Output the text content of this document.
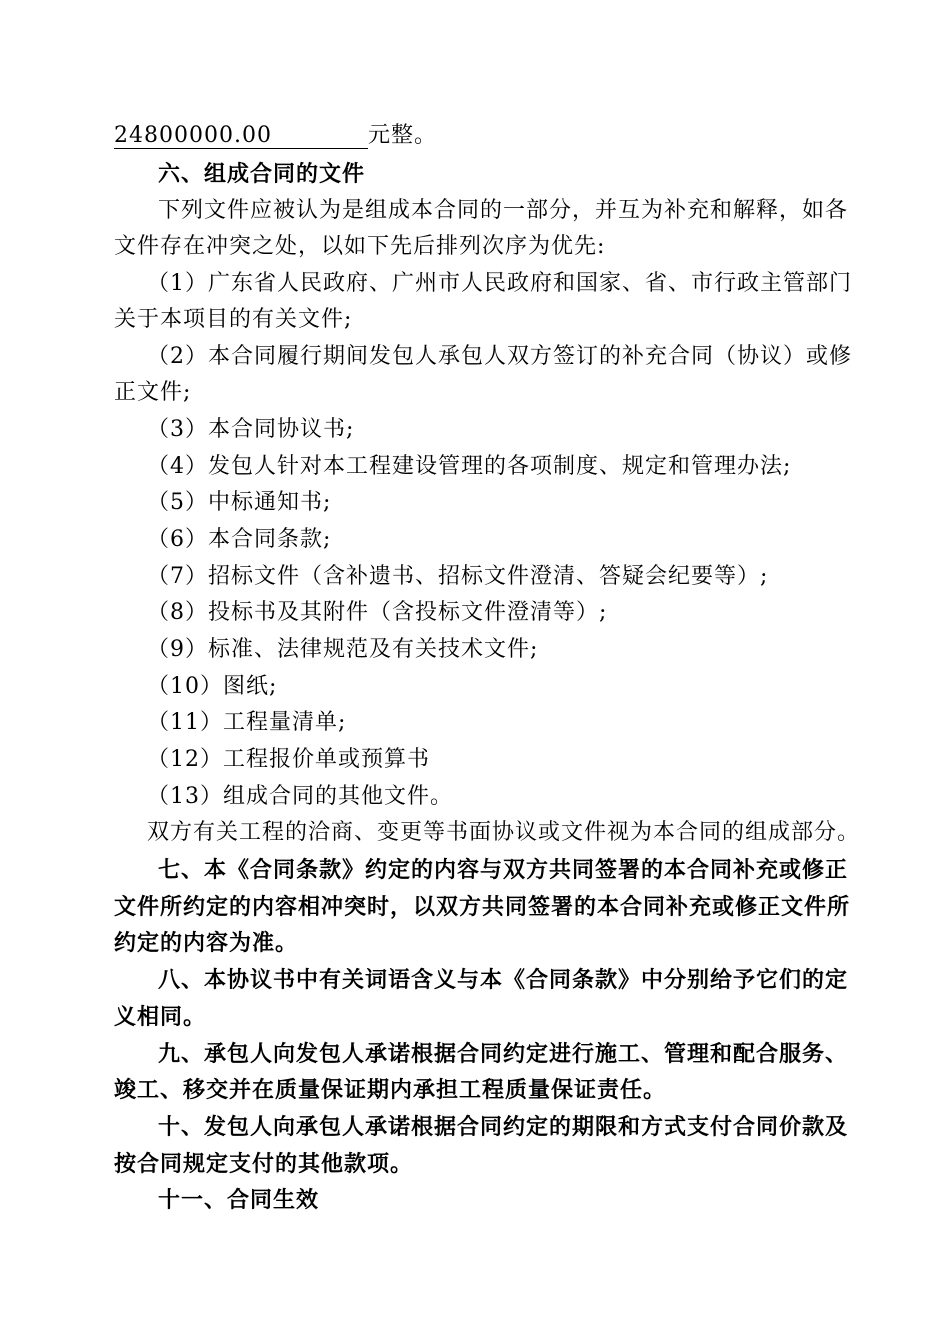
24800000.00	元整。
六、组成合同的文件
下列文件应被认为是组成本合同的一部分，并互为补充和解释，如各
文件存在冲突之处，以如下先后排列次序为优先:
（1）广东省人民政府、广州市人民政府和国家、省、市行政主管部门
关于本项目的有关文件;
（2）本合同履行期间发包人承包人双方签订的补充合同（协议）或修
正文件;
（3）本合同协议书;
（4）发包人针对本工程建设管理的各项制度、规定和管理办法;
（5）中标通知书;
（6）本合同条款;
（7）招标文件（含补遗书、招标文件澄清、答疑会纪要等）;
（8）投标书及其附件（含投标文件澄清等）;
（9）标准、法律规范及有关技术文件;
（10）图纸;
（11）工程量清单;
（12）工程报价单或预算书
（13）组成合同的其他文件。
双方有关工程的洽商、变更等书面协议或文件视为本合同的组成部分。
七、本《合同条款》约定的内容与双方共同签署的本合同补充或修正
文件所约定的内容相冲突时，以双方共同签署的本合同补充或修正文件所
约定的内容为准。
八、本协议书中有关词语含义与本《合同条款》中分别给予它们的定
义相同。
九、承包人向发包人承诺根据合同约定进行施工、管理和配合服务、
竣工、移交并在质量保证期内承担工程质量保证责任。
十、发包人向承包人承诺根据合同约定的期限和方式支付合同价款及
按合同规定支付的其他款项。
十一、合同生效
